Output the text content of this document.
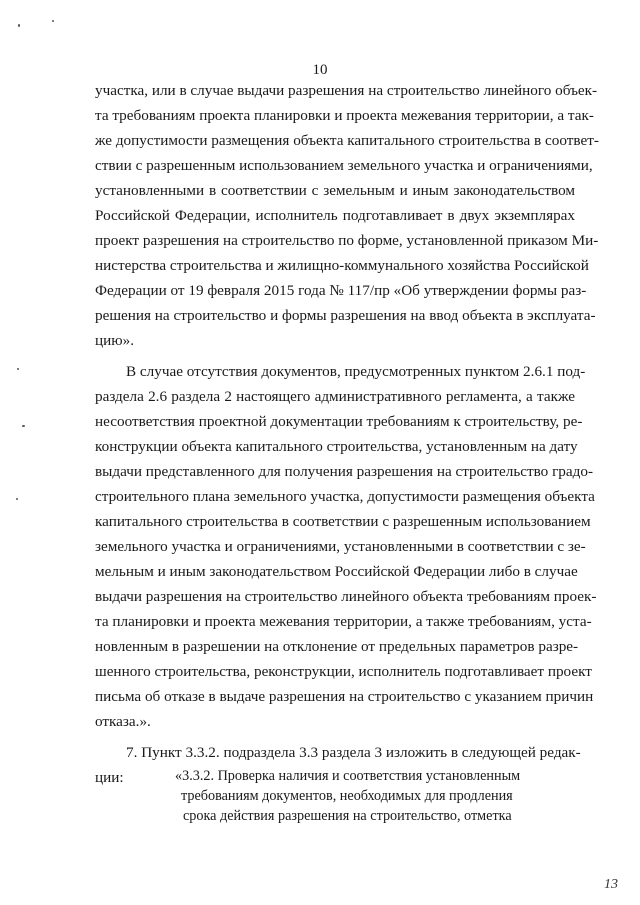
10
участка, или в случае выдачи разрешения на строительство линейного объек-
та требованиям проекта планировки и проекта межевания территории, а так-
же допустимости размещения объекта капитального строительства в соответ-
ствии с разрешенным использованием земельного участка и ограничениями,
установленными в соответствии с земельным и иным законодательством
Российской Федерации, исполнитель подготавливает в двух экземплярах
проект разрешения на строительство по форме, установленной приказом Ми-
нистерства строительства и жилищно-коммунального хозяйства Российской
Федерации от 19 февраля 2015 года № 117/пр «Об утверждении формы раз-
решения на строительство и формы разрешения на ввод объекта в эксплуата-
цию».
В случае отсутствия документов, предусмотренных пунктом 2.6.1 под-
раздела 2.6 раздела 2 настоящего административного регламента, а также
несоответствия проектной документации требованиям к строительству, ре-
конструкции объекта капитального строительства, установленным на дату
выдачи представленного для получения разрешения на строительство градо-
строительного плана земельного участка, допустимости размещения объекта
капитального строительства в соответствии с разрешенным использованием
земельного участка и ограничениями, установленными в соответствии с зе-
мельным и иным законодательством Российской Федерации либо в случае
выдачи разрешения на строительство линейного объекта требованиям проек-
та планировки и проекта межевания территории, а также требованиям, уста-
новленным в разрешении на отклонение от предельных параметров разре-
шенного строительства, реконструкции, исполнитель подготавливает проект
письма об отказе в выдаче разрешения на строительство с указанием причин
отказа.».
7. Пункт 3.3.2. подраздела 3.3 раздела 3 изложить в следующей редак-
ции:	«3.3.2. Проверка наличия и соответствия установленным
требованиям документов, необходимых для продления
срока действия разрешения на строительство, отметка
13
